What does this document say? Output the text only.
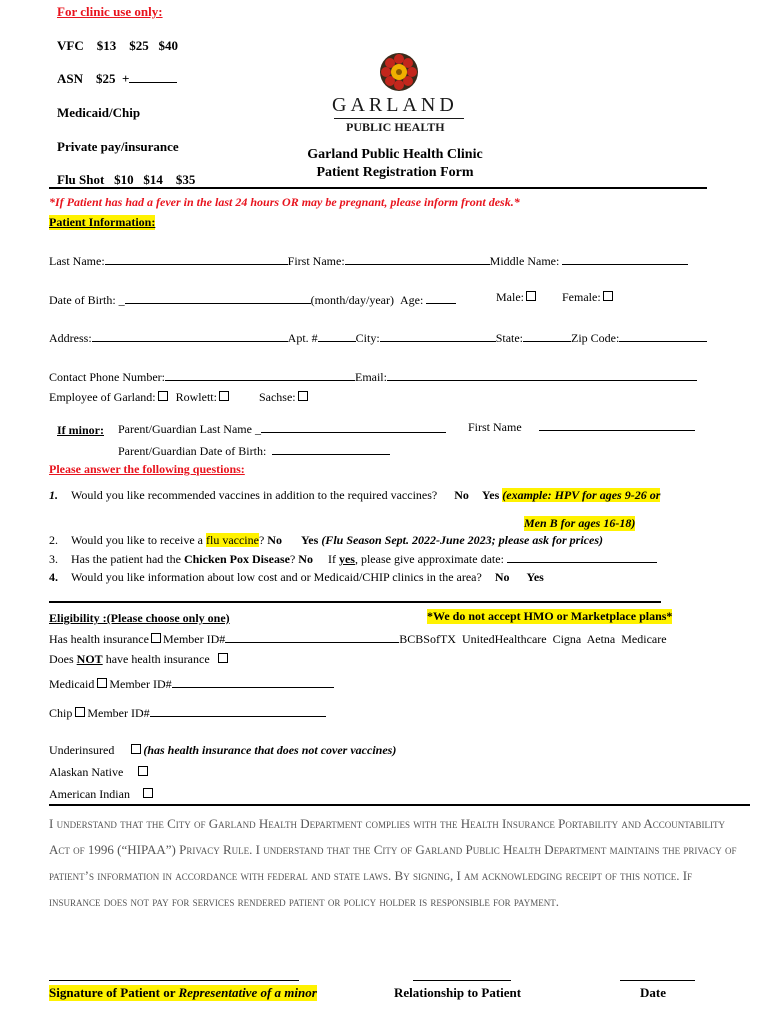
For clinic use only:
VFC    $13    $25   $40
ASN    $25  +
Medicaid/Chip
Private pay/insurance
Flu Shot   $10   $14    $35
GARLAND
PUBLIC HEALTH
Garland Public Health Clinic
Patient Registration Form
*If Patient has had a fever in the last 24 hours OR may be pregnant, please inform front desk.*
Patient Information:
Last Name:	First Name:	Middle Name:
Date of Birth: _	(month/day/year) Age:	Male:	Female:
Address:	Apt. #	City:	State:	Zip Code:
Contact Phone Number:	Email:
Employee of Garland: Rowlett:	Sachse:
If minor: Parent/Guardian Last Name _	First Name
Parent/Guardian Date of Birth:
Please answer the following questions:
1. Would you like recommended vaccines in addition to the required vaccines? No Yes (example: HPV for ages 9-26 or
Men B for ages 16-18)
2. Would you like to receive a flu vaccine? No Yes (Flu Season Sept. 2022-June 2023; please ask for prices)
3. Has the patient had the Chicken Pox Disease? No If yes, please give approximate date:
4. Would you like information about low cost and or Medicaid/CHIP clinics in the area? No Yes
Eligibility :(Please choose only one)	*We do not accept HMO or Marketplace plans*
Has health insurance Member ID#	BCBSofTX  UnitedHealthcare  Cigna  Aetna  Medicare
Does NOT have health insurance
Medicaid Member ID#
Chip Member ID#
Underinsured (has health insurance that does not cover vaccines)
Alaskan Native
American Indian
I understand that the City of Garland Health Department complies with the Health Insurance Portability and Accountability Act of 1996 (“HIPAA”) Privacy Rule. I understand that the City of Garland Public Health Department maintains the privacy of patient’s information in accordance with federal and state laws. By signing, I am acknowledging receipt of this notice. If insurance does not pay for services rendered patient or policy holder is responsible for payment.
Signature of Patient or Representative of a minor	Relationship to Patient	Date
